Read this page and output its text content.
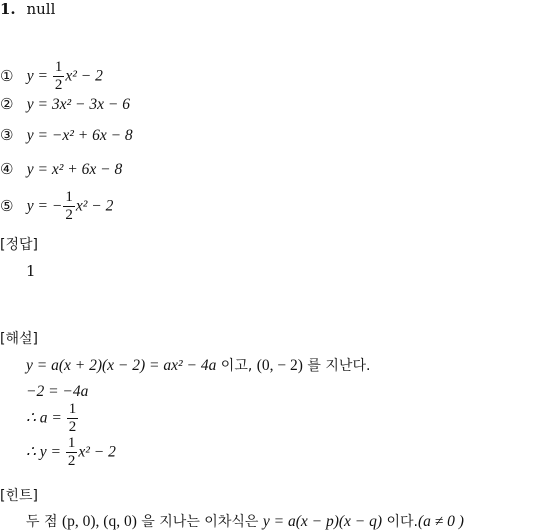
1. null
① $y = \frac{1}{2} x^2 - 2$
② y = 3x² − 3x − 6
③ y = −x² + 6x − 8
④ y = x² + 6x − 8
⑤ y = − $\frac{1}{2} x^2 - 2$
[정답]
1
[해설]
y = a(x + 2)(x − 2) = ax² − 4a 이고, (0, − 2) 를 지난다.
−2 = −4a
∴ $a = \frac{1}{2}$
∴ $y = \frac{1}{2} x^2 - 2$
[힌트]
두 점 (p, 0), (q, 0) 을 지나는 이차식은 y = a(x − p)(x − q) 이다.(a ≠ 0 )
